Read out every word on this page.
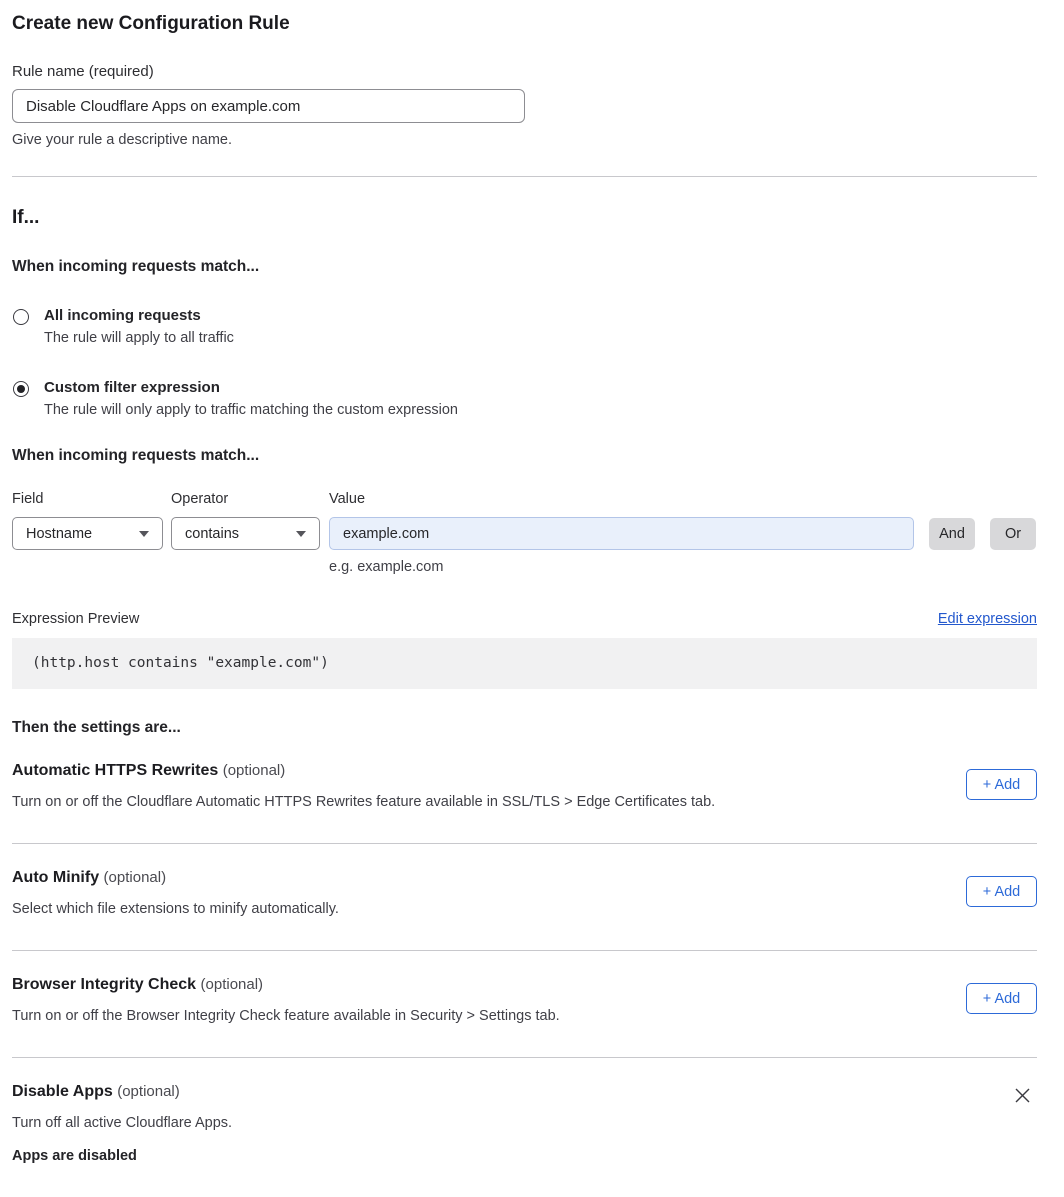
Create new Configuration Rule
Rule name (required)
Disable Cloudflare Apps on example.com
Give your rule a descriptive name.
If...
When incoming requests match...
All incoming requests
The rule will apply to all traffic
Custom filter expression
The rule will only apply to traffic matching the custom expression
When incoming requests match...
Field
Hostname
Operator
contains
Value
example.com
e.g. example.com
And	Or
Expression Preview	Edit expression
(http.host contains "example.com")
Then the settings are...
Automatic HTTPS Rewrites (optional)
Turn on or off the Cloudflare Automatic HTTPS Rewrites feature available in SSL/TLS > Edge Certificates tab.
+ Add
Auto Minify (optional)
Select which file extensions to minify automatically.
+ Add
Browser Integrity Check (optional)
Turn on or off the Browser Integrity Check feature available in Security > Settings tab.
+ Add
Disable Apps (optional)
Turn off all active Cloudflare Apps.
Apps are disabled
